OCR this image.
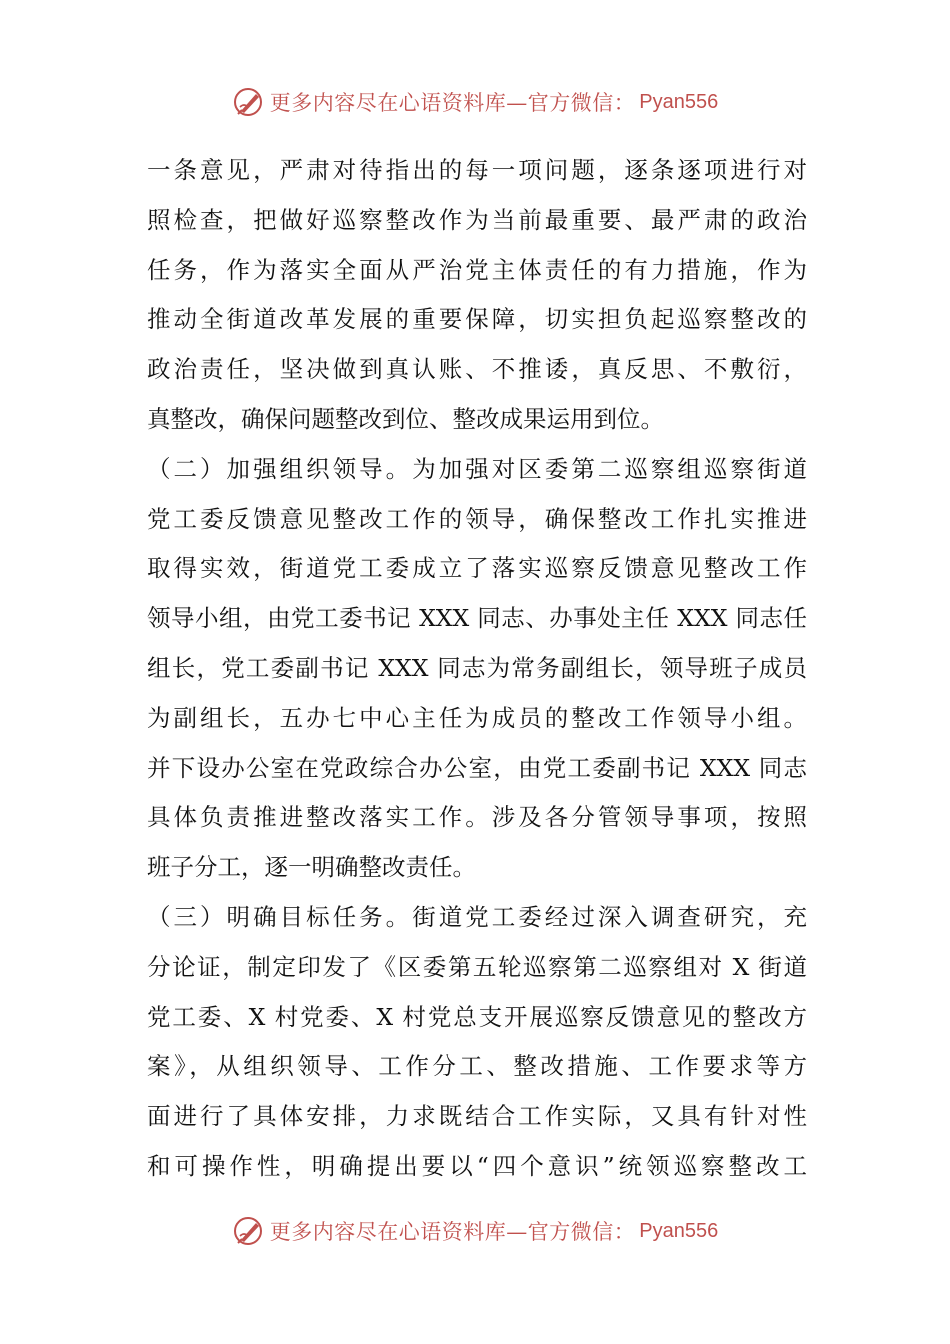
更多内容尽在心语资料库—官方微信： Pyan556
一条意见，严肃对待指出的每一项问题，逐条逐项进行对
照检查，把做好巡察整改作为当前最重要、最严肃的政治
任务，作为落实全面从严治党主体责任的有力措施，作为
推动全街道改革发展的重要保障，切实担负起巡察整改的
政治责任，坚决做到真认账、不推诿，真反思、不敷衍，
真整改，确保问题整改到位、整改成果运用到位。
（二）加强组织领导。为加强对区委第二巡察组巡察街道
党工委反馈意见整改工作的领导，确保整改工作扎实推进
取得实效，街道党工委成立了落实巡察反馈意见整改工作
领导小组，由党工委书记 XXX 同志、办事处主任 XXX 同志任
组长，党工委副书记 XXX 同志为常务副组长，领导班子成员
为副组长，五办七中心主任为成员的整改工作领导小组。
并下设办公室在党政综合办公室，由党工委副书记 XXX 同志
具体负责推进整改落实工作。涉及各分管领导事项，按照
班子分工，逐一明确整改责任。
（三）明确目标任务。街道党工委经过深入调查研究，充
分论证，制定印发了《区委第五轮巡察第二巡察组对 X 街道
党工委、X 村党委、X 村党总支开展巡察反馈意见的整改方
案》，从组织领导、工作分工、整改措施、工作要求等方
面进行了具体安排，力求既结合工作实际，又具有针对性
和可操作性，明确提出要以“四个意识”统领巡察整改工
更多内容尽在心语资料库—官方微信： Pyan556
